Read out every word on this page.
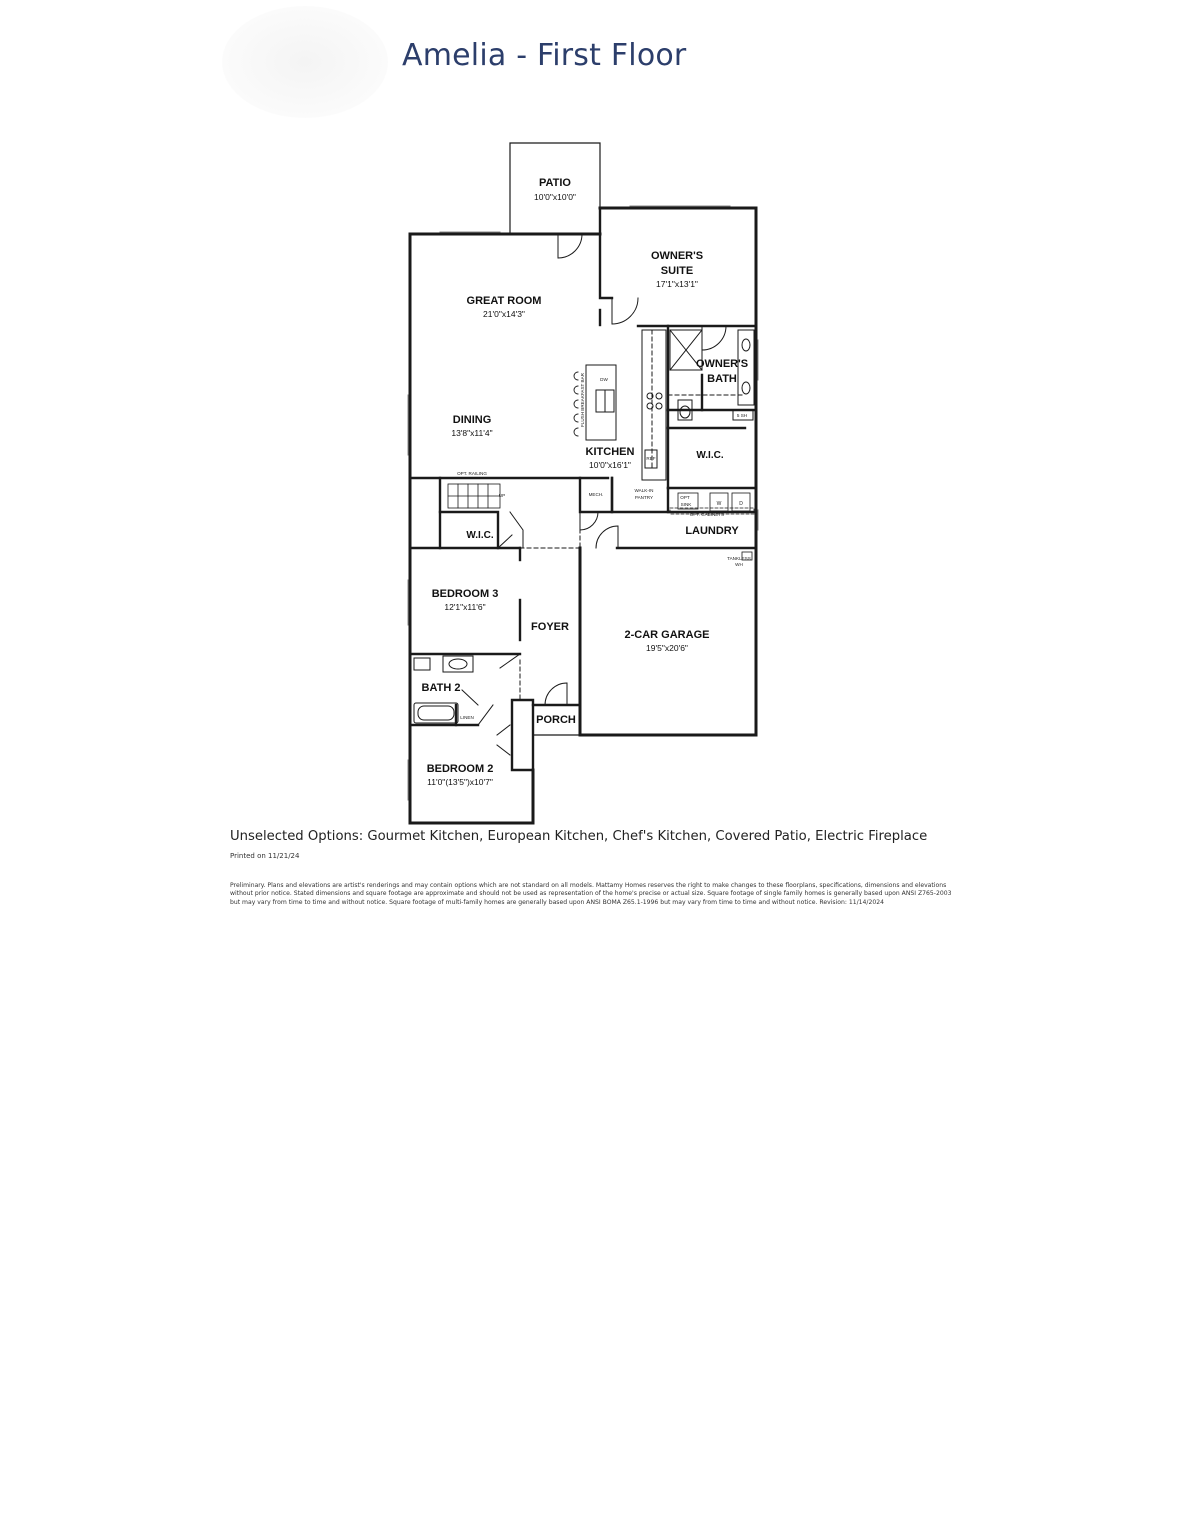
Amelia - First Floor
PATIO
10'0"x10'0"
OWNER'S
SUITE
17'1"x13'1"
GREAT ROOM
21'0"x14'3"
OWNER'S
BATH
DINING
13'8"x11'4"
KITCHEN
10'0"x16'1"
W.I.C.
W.I.C.	LAUNDRY
BEDROOM 3
12'1"x11'6"
FOYER
2-CAR GARAGE
19'5"x20'6"
BATH 2
PORCH
BEDROOM 2
11'0"(13'5")x10'7"
OPT. RAILING
UP	MECH.
WALK-IN
PANTRY
REF
DW
OPT
SINK	W	D
OPT. CABINETS
TANKLESS
WH
LINEN
5 SH
FLUSH BREAKFAST BAR
Unselected Options: Gourmet Kitchen, European Kitchen, Chef's Kitchen, Covered Patio, Electric Fireplace
Printed on 11/21/24
Preliminary. Plans and elevations are artist's renderings and may contain options which are not standard on all models. Mattamy Homes reserves the right to make changes to these floorplans, specifications, dimensions and elevations without prior notice. Stated dimensions and square footage are approximate and should not be used as representation of the home's precise or actual size. Square footage of single family homes is generally based upon ANSI Z765-2003 but may vary from time to time and without notice. Square footage of multi-family homes are generally based upon ANSI BOMA Z65.1-1996 but may vary from time to time and without notice. Revision: 11/14/2024
